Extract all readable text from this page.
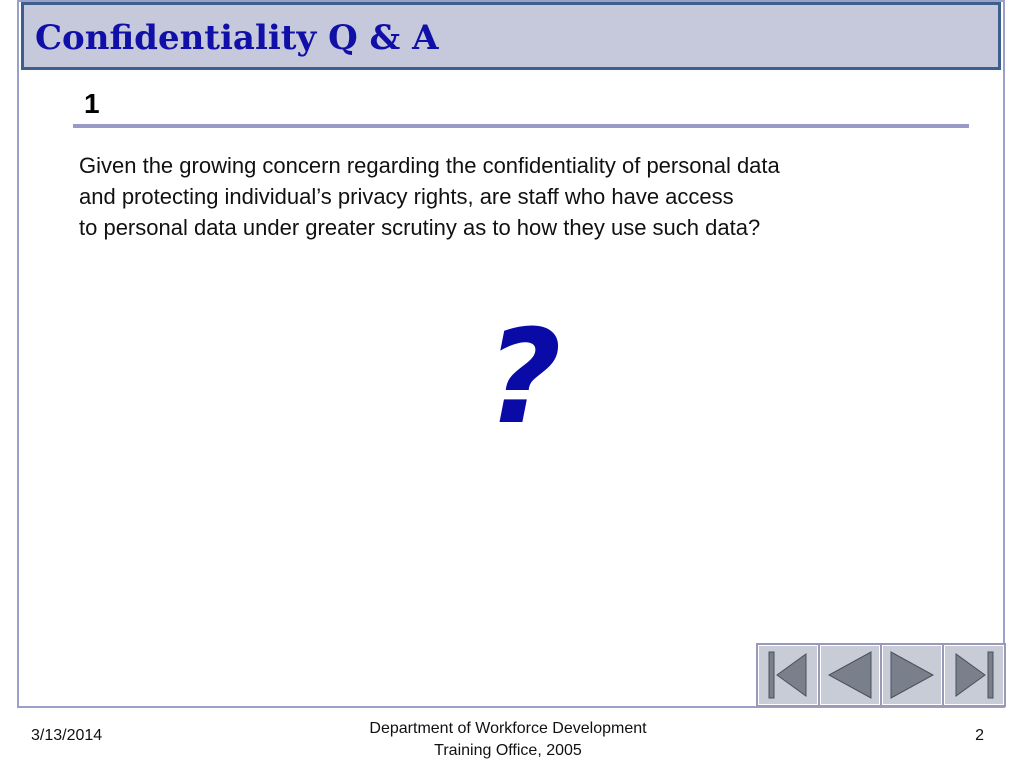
Confidentiality Q & A
1
Given the growing concern regarding the confidentiality of personal data
and protecting individual’s privacy rights, are staff who have access
to personal data under greater scrutiny as to how they use such data?
?
3/13/2014	Department of Workforce Development
Training Office, 2005
2
